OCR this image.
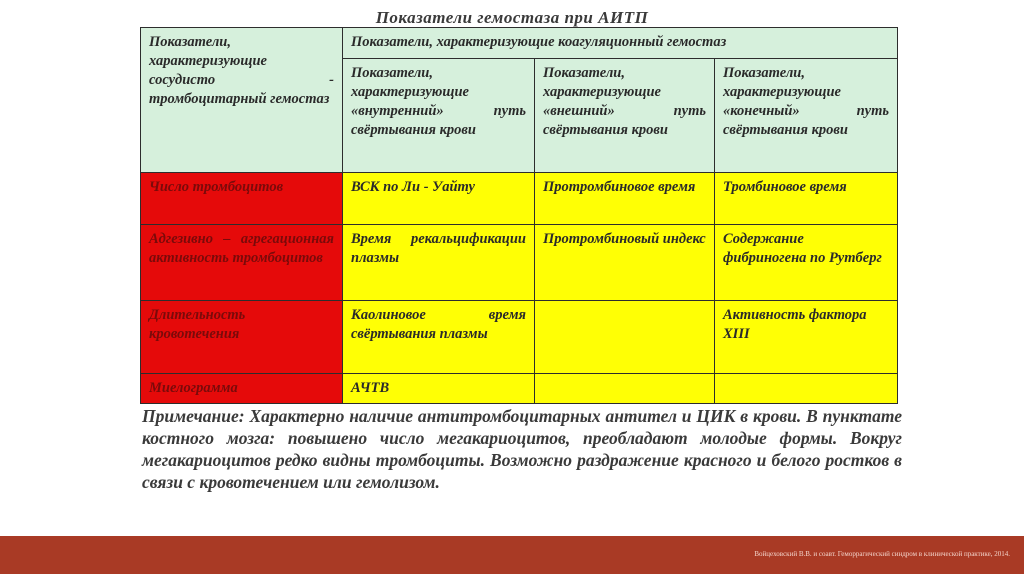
Показатели гемостаза при АИТП
Показатели, характеризующие сосудисто - тромбоцитарный гемостаз	Показатели, характеризующие коагуляционный гемостаз		
	Показатели, характеризующие «внутренний» путь свёртывания крови	Показатели, характеризующие «внешний» путь свёртывания крови	Показатели, характеризующие «конечный» путь свёртывания крови
Число тромбоцитов	ВСК по Ли - Уайту	Протромбиновое время	Тромбиновое время
Адгезивно – агрегационная активность тромбоцитов	Время рекальцификации плазмы	Протромбиновый индекс	Содержание фибриногена по Рутберг
Длительность кровотечения	Каолиновое время свёртывания плазмы		Активность фактора XIII
Миелограмма	АЧТВ		
Примечание: Характерно наличие антитромбоцитарных антител и ЦИК в крови. В пунктате костного мозга: повышено число мегакариоцитов, преобладают молодые формы. Вокруг мегакариоцитов редко видны тромбоциты. Возможно раздражение красного и белого ростков в связи с кровотечением или гемолизом.
Войцеховский В.В. и соавт. Геморрагический синдром в клинической практике, 2014.
